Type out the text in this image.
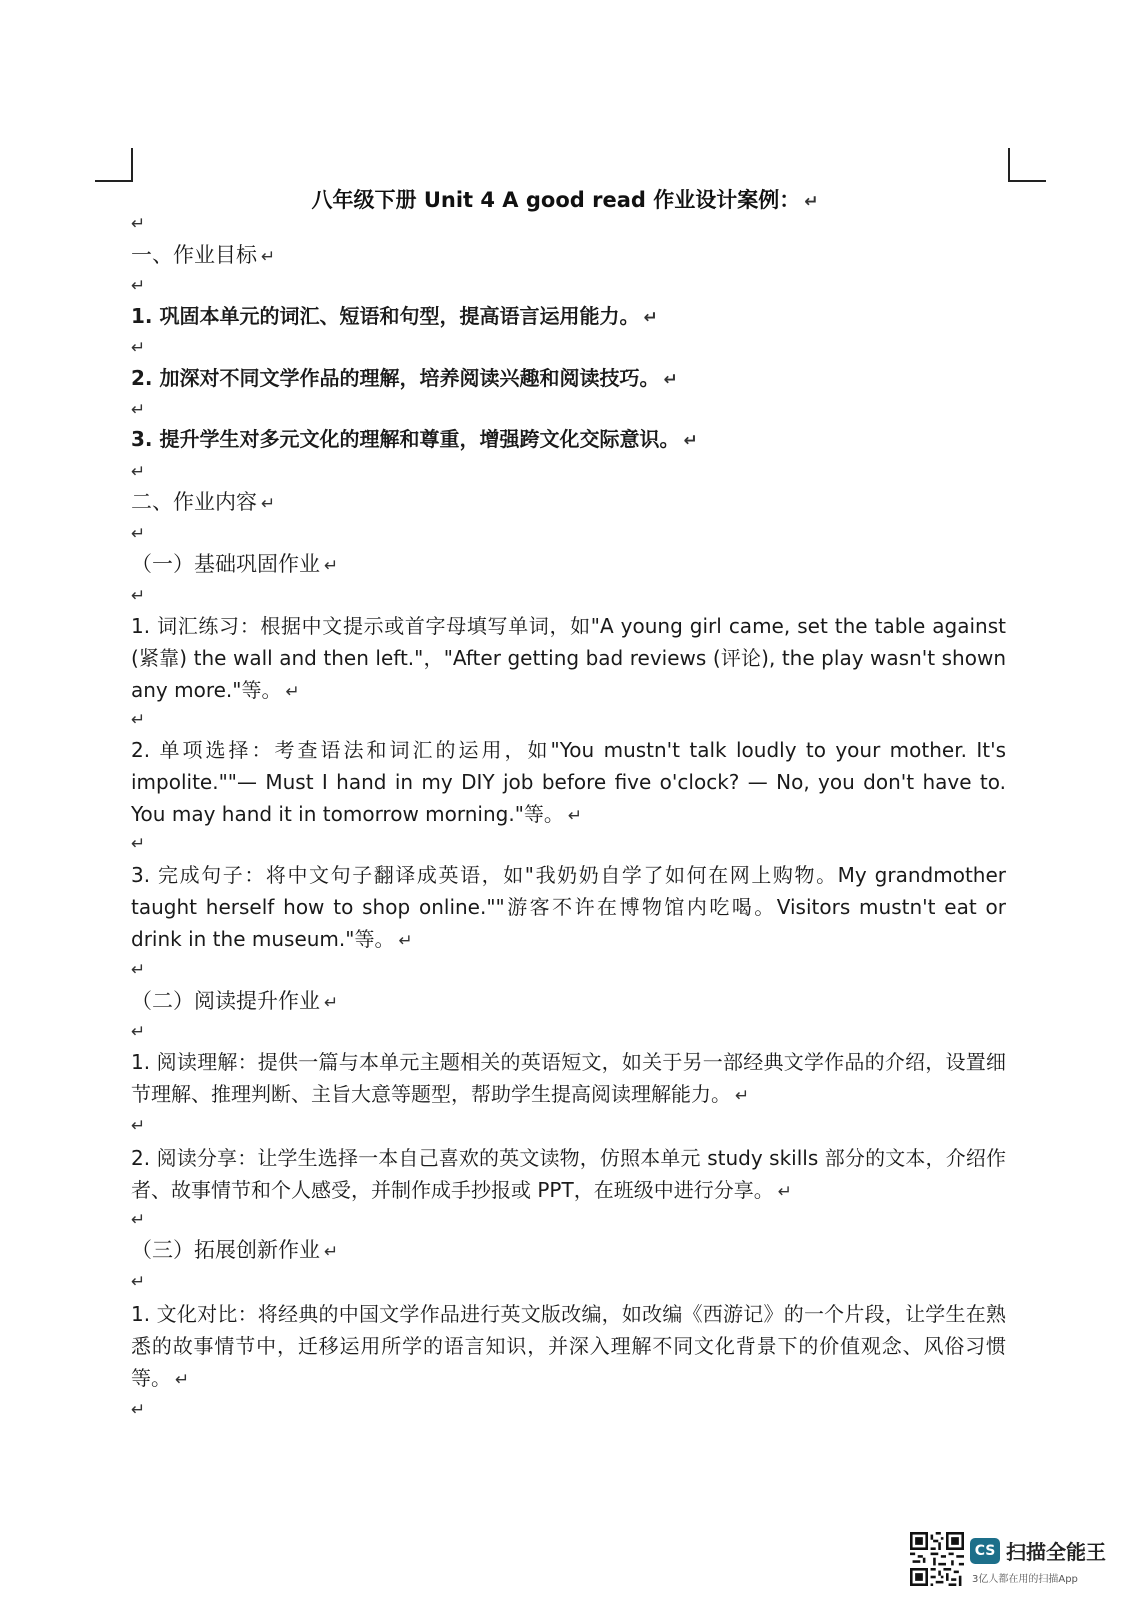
八年级下册 Unit 4 A good read 作业设计案例： ↵
↵
一、作业目标 ↵
↵
1. 巩固本单元的词汇、短语和句型，提高语言运用能力。 ↵
↵
2. 加深对不同文学作品的理解，培养阅读兴趣和阅读技巧。 ↵
↵
3. 提升学生对多元文化的理解和尊重，增强跨文化交际意识。 ↵
↵
二、作业内容 ↵
↵
（一）基础巩固作业 ↵
↵
1. 词汇练习：根据中文提示或首字母填写单词，如"A young girl came, set the table against (紧靠) the wall and then left."，"After getting bad reviews (评论), the play wasn't shown any more."等。 ↵
↵
2. 单项选择：考查语法和词汇的运用，如"You mustn't talk loudly to your mother. It's impolite.""— Must I hand in my DIY job before five o'clock? — No, you don't have to. You may hand it in tomorrow morning."等。 ↵
↵
3. 完成句子：将中文句子翻译成英语，如"我奶奶自学了如何在网上购物。My grandmother taught herself how to shop online.""游客不许在博物馆内吃喝。Visitors mustn't eat or drink in the museum."等。 ↵
↵
（二）阅读提升作业 ↵
↵
1. 阅读理解：提供一篇与本单元主题相关的英语短文，如关于另一部经典文学作品的介绍，设置细节理解、推理判断、主旨大意等题型，帮助学生提高阅读理解能力。 ↵
↵
2. 阅读分享：让学生选择一本自己喜欢的英文读物，仿照本单元 study skills 部分的文本，介绍作者、故事情节和个人感受，并制作成手抄报或 PPT，在班级中进行分享。 ↵
↵
（三）拓展创新作业 ↵
↵
1. 文化对比：将经典的中国文学作品进行英文版改编，如改编《西游记》的一个片段，让学生在熟悉的故事情节中，迁移运用所学的语言知识，并深入理解不同文化背景下的价值观念、风俗习惯等。 ↵
↵
CS 扫描全能王
3亿人都在用的扫描App
